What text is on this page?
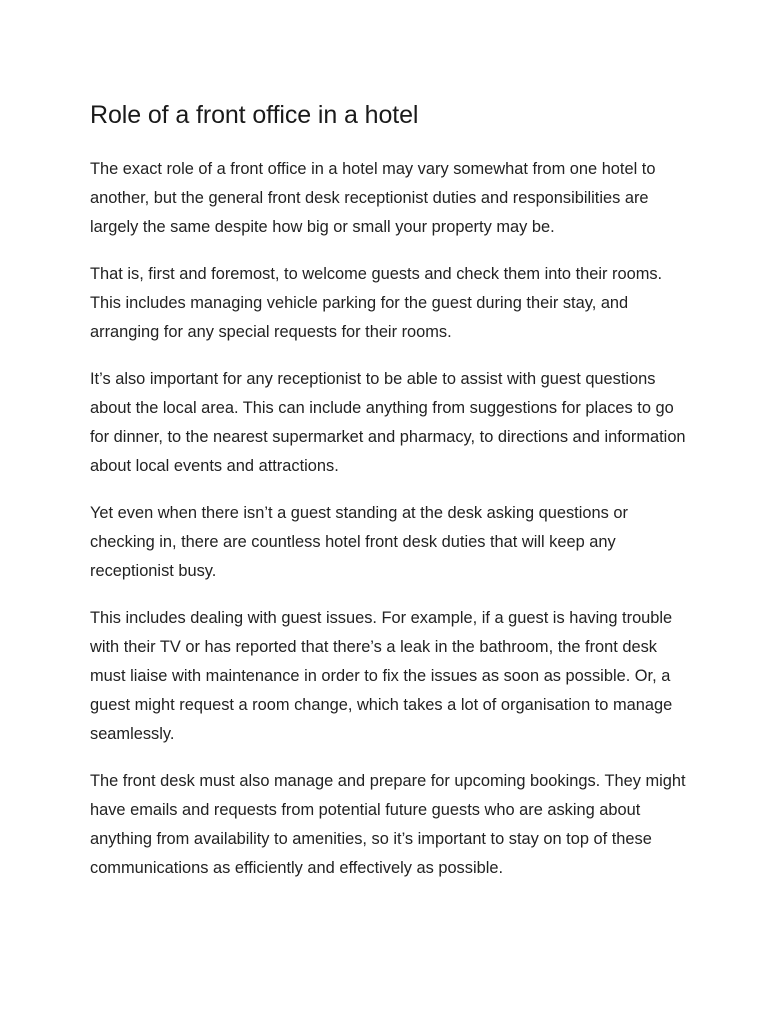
Role of a front office in a hotel

The exact role of a front office in a hotel may vary somewhat from one hotel to another, but the general front desk receptionist duties and responsibilities are largely the same despite how big or small your property may be.

That is, first and foremost, to welcome guests and check them into their rooms. This includes managing vehicle parking for the guest during their stay, and arranging for any special requests for their rooms.

It’s also important for any receptionist to be able to assist with guest questions about the local area. This can include anything from suggestions for places to go for dinner, to the nearest supermarket and pharmacy, to directions and information about local events and attractions.

Yet even when there isn’t a guest standing at the desk asking questions or checking in, there are countless hotel front desk duties that will keep any receptionist busy.

This includes dealing with guest issues. For example, if a guest is having trouble with their TV or has reported that there’s a leak in the bathroom, the front desk must liaise with maintenance in order to fix the issues as soon as possible. Or, a guest might request a room change, which takes a lot of organisation to manage seamlessly.

The front desk must also manage and prepare for upcoming bookings. They might have emails and requests from potential future guests who are asking about anything from availability to amenities, so it’s important to stay on top of these communications as efficiently and effectively as possible.
